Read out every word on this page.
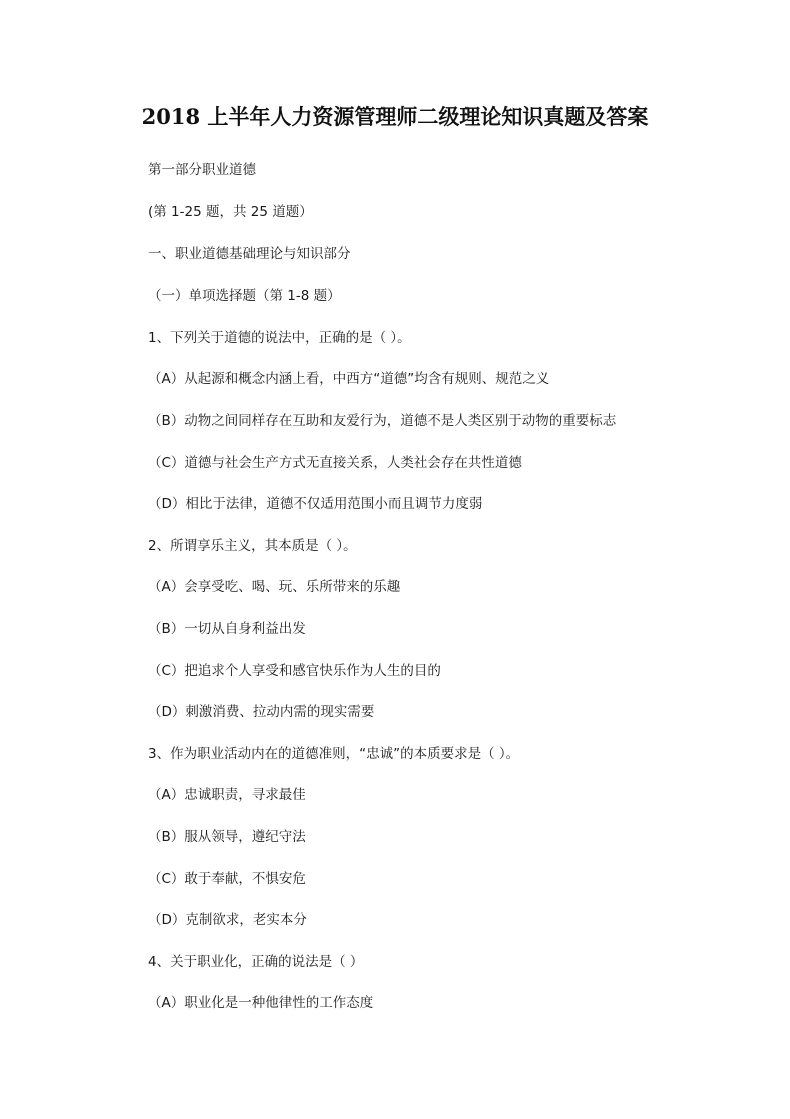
2018 上半年人力资源管理师二级理论知识真题及答案
第一部分职业道德
(第 1-25 题，共 25 道题）
一、职业道德基础理论与知识部分
（一）单项选择题（第 1-8 题）
1、下列关于道德的说法中，正确的是（ ）。
（A）从起源和概念内涵上看，中西方“道德”均含有规则、规范之义
（B）动物之间同样存在互助和友爱行为，道德不是人类区别于动物的重要标志
（C）道德与社会生产方式无直接关系，人类社会存在共性道德
（D）相比于法律，道德不仅适用范围小而且调节力度弱
2、所谓享乐主义，其本质是（ ）。
（A）会享受吃、喝、玩、乐所带来的乐趣
（B）一切从自身利益出发
（C）把追求个人享受和感官快乐作为人生的目的
（D）刺激消费、拉动内需的现实需要
3、作为职业活动内在的道德准则，“忠诚”的本质要求是（ ）。
（A）忠诚职责，寻求最佳
（B）服从领导，遵纪守法
（C）敢于奉献，不惧安危
（D）克制欲求，老实本分
4、关于职业化，正确的说法是（ ）
（A）职业化是一种他律性的工作态度
